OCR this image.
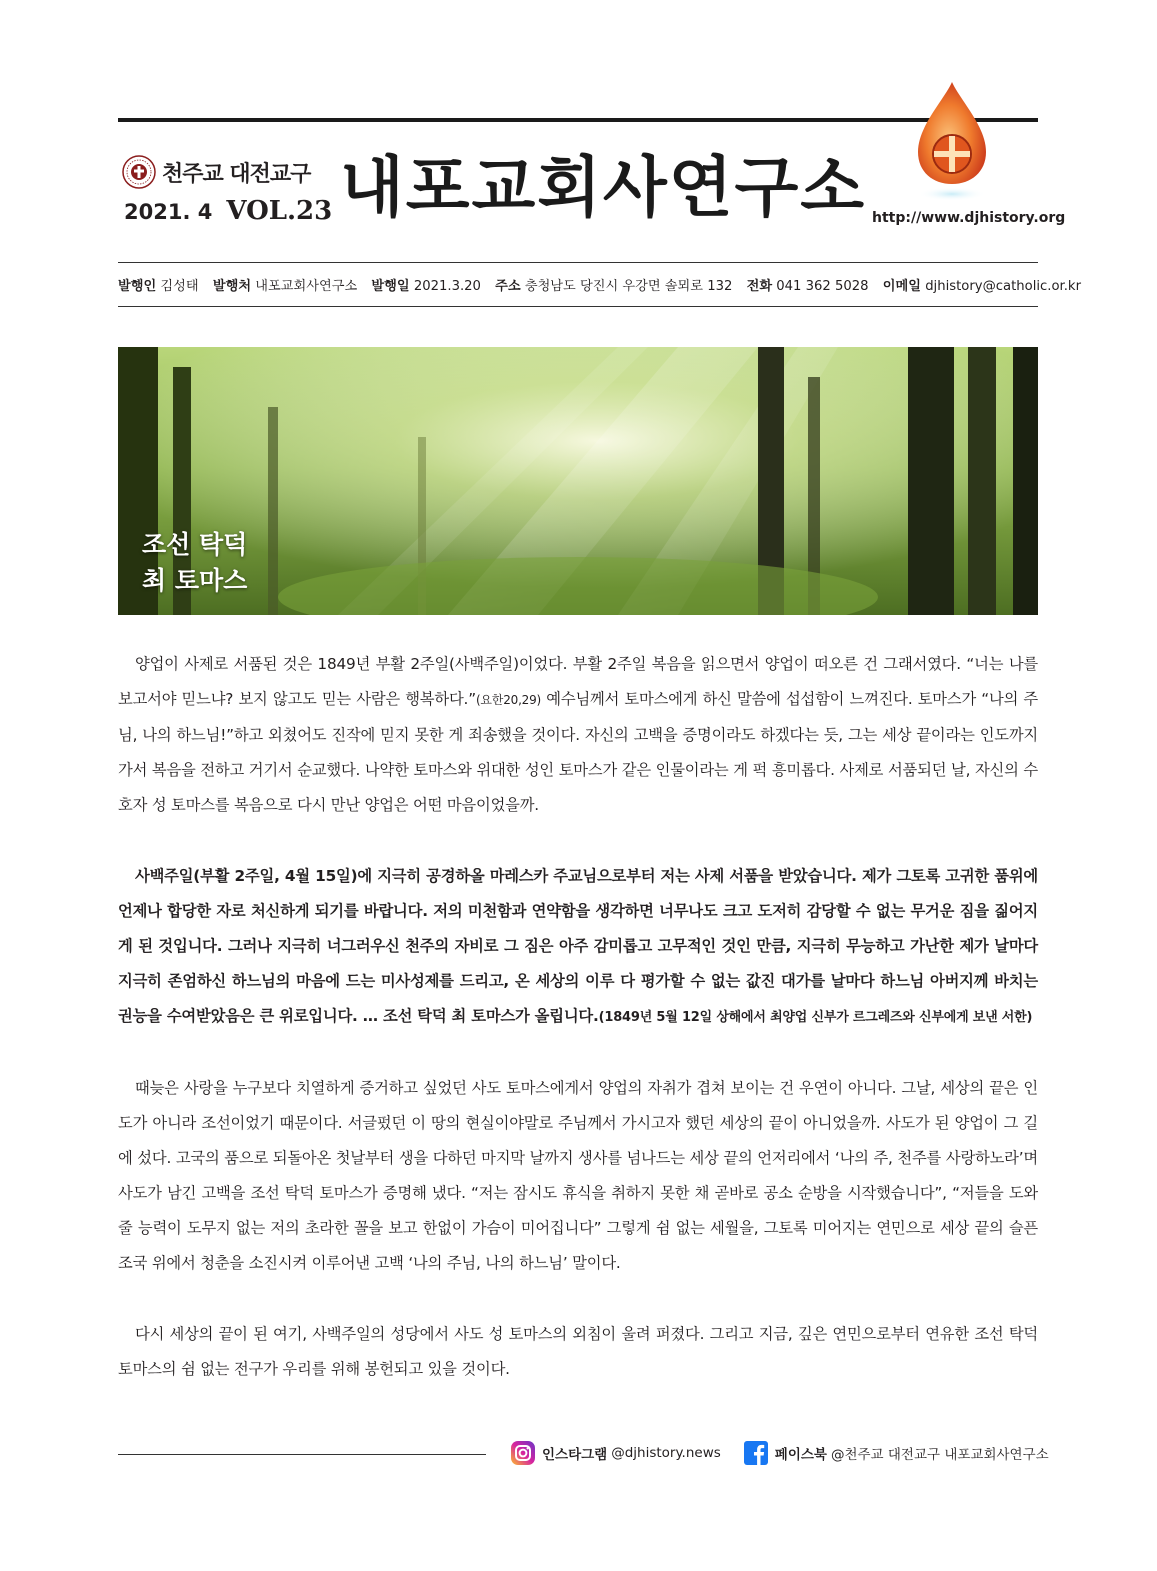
천주교 대전교구
2021. 4 VOL.23 내포교회사연구소 http://www.djhistory.org
발행인 김성태 발행처 내포교회사연구소 발행일 2021.3.20 주소 충청남도 당진시 우강면 솔뫼로 132 전화 041 362 5028 이메일 djhistory@catholic.or.kr
조선 탁덕
최 토마스

양업이 사제로 서품된 것은 1849년 부활 2주일(사백주일)이었다. 부활 2주일 복음을 읽으면서 양업이 떠오른 건 그래서였다. “너는 나를 보고서야 믿느냐? 보지 않고도 믿는 사람은 행복하다.”(요한20,29) 예수님께서 토마스에게 하신 말씀에 섭섭함이 느껴진다. 토마스가 “나의 주님, 나의 하느님!”하고 외쳤어도 진작에 믿지 못한 게 죄송했을 것이다. 자신의 고백을 증명이라도 하겠다는 듯, 그는 세상 끝이라는 인도까지 가서 복음을 전하고 거기서 순교했다. 나약한 토마스와 위대한 성인 토마스가 같은 인물이라는 게 퍽 흥미롭다. 사제로 서품되던 날, 자신의 수호자 성 토마스를 복음으로 다시 만난 양업은 어떤 마음이었을까.

사백주일(부활 2주일, 4월 15일)에 지극히 공경하올 마레스카 주교님으로부터 저는 사제 서품을 받았습니다. 제가 그토록 고귀한 품위에 언제나 합당한 자로 처신하게 되기를 바랍니다. 저의 미천함과 연약함을 생각하면 너무나도 크고 도저히 감당할 수 없는 무거운 짐을 짊어지게 된 것입니다. 그러나 지극히 너그러우신 천주의 자비로 그 짐은 아주 감미롭고 고무적인 것인 만큼, 지극히 무능하고 가난한 제가 날마다 지극히 존엄하신 하느님의 마음에 드는 미사성제를 드리고, 온 세상의 이루 다 평가할 수 없는 값진 대가를 날마다 하느님 아버지께 바치는 권능을 수여받았음은 큰 위로입니다. … 조선 탁덕 최 토마스가 올립니다.(1849년 5월 12일 상해에서 최양업 신부가 르그레즈와 신부에게 보낸 서한)

때늦은 사랑을 누구보다 치열하게 증거하고 싶었던 사도 토마스에게서 양업의 자취가 겹쳐 보이는 건 우연이 아니다. 그날, 세상의 끝은 인도가 아니라 조선이었기 때문이다. 서글펐던 이 땅의 현실이야말로 주님께서 가시고자 했던 세상의 끝이 아니었을까. 사도가 된 양업이 그 길에 섰다. 고국의 품으로 되돌아온 첫날부터 생을 다하던 마지막 날까지 생사를 넘나드는 세상 끝의 언저리에서 ‘나의 주, 천주를 사랑하노라’며 사도가 남긴 고백을 조선 탁덕 토마스가 증명해 냈다. “저는 잠시도 휴식을 취하지 못한 채 곧바로 공소 순방을 시작했습니다”, “저들을 도와줄 능력이 도무지 없는 저의 초라한 꼴을 보고 한없이 가슴이 미어집니다” 그렇게 쉼 없는 세월을, 그토록 미어지는 연민으로 세상 끝의 슬픈 조국 위에서 청춘을 소진시켜 이루어낸 고백 ‘나의 주님, 나의 하느님’ 말이다.

다시 세상의 끝이 된 여기, 사백주일의 성당에서 사도 성 토마스의 외침이 울려 퍼졌다. 그리고 지금, 깊은 연민으로부터 연유한 조선 탁덕 토마스의 쉼 없는 전구가 우리를 위해 봉헌되고 있을 것이다.

인스타그램 @djhistory.news	페이스북 @천주교 대전교구 내포교회사연구소
